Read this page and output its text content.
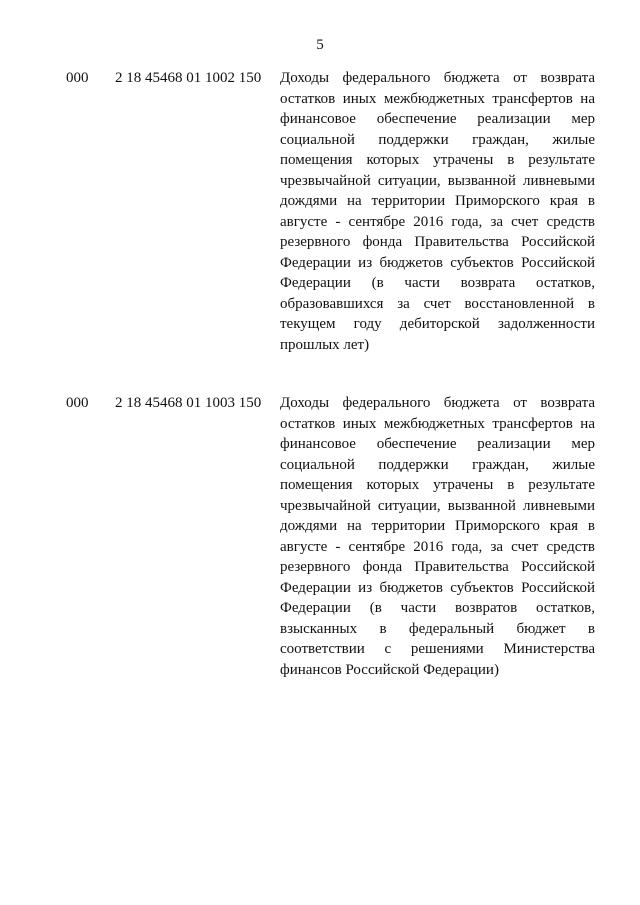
5
000 2 18 45468 01 1002 150 Доходы федерального бюджета от возврата
остатков иных межбюджетных трансфертов на
финансовое обеспечение реализации мер
социальной поддержки граждан, жилые
помещения которых утрачены в результате
чрезвычайной ситуации, вызванной ливневыми
дождями на территории Приморского края в
августе - сентябре 2016 года, за счет средств
резервного фонда Правительства Российской
Федерации из бюджетов субъектов Российской
Федерации (в части возврата остатков,
образовавшихся за счет восстановленной в
текущем году дебиторской задолженности
прошлых лет)
000 2 18 45468 01 1003 150 Доходы федерального бюджета от возврата
остатков иных межбюджетных трансфертов на
финансовое обеспечение реализации мер
социальной поддержки граждан, жилые
помещения которых утрачены в результате
чрезвычайной ситуации, вызванной ливневыми
дождями на территории Приморского края в
августе - сентябре 2016 года, за счет средств
резервного фонда Правительства Российской
Федерации из бюджетов субъектов Российской
Федерации (в части возвратов остатков,
взысканных в федеральный бюджет в
соответствии с решениями Министерства
финансов Российской Федерации)
